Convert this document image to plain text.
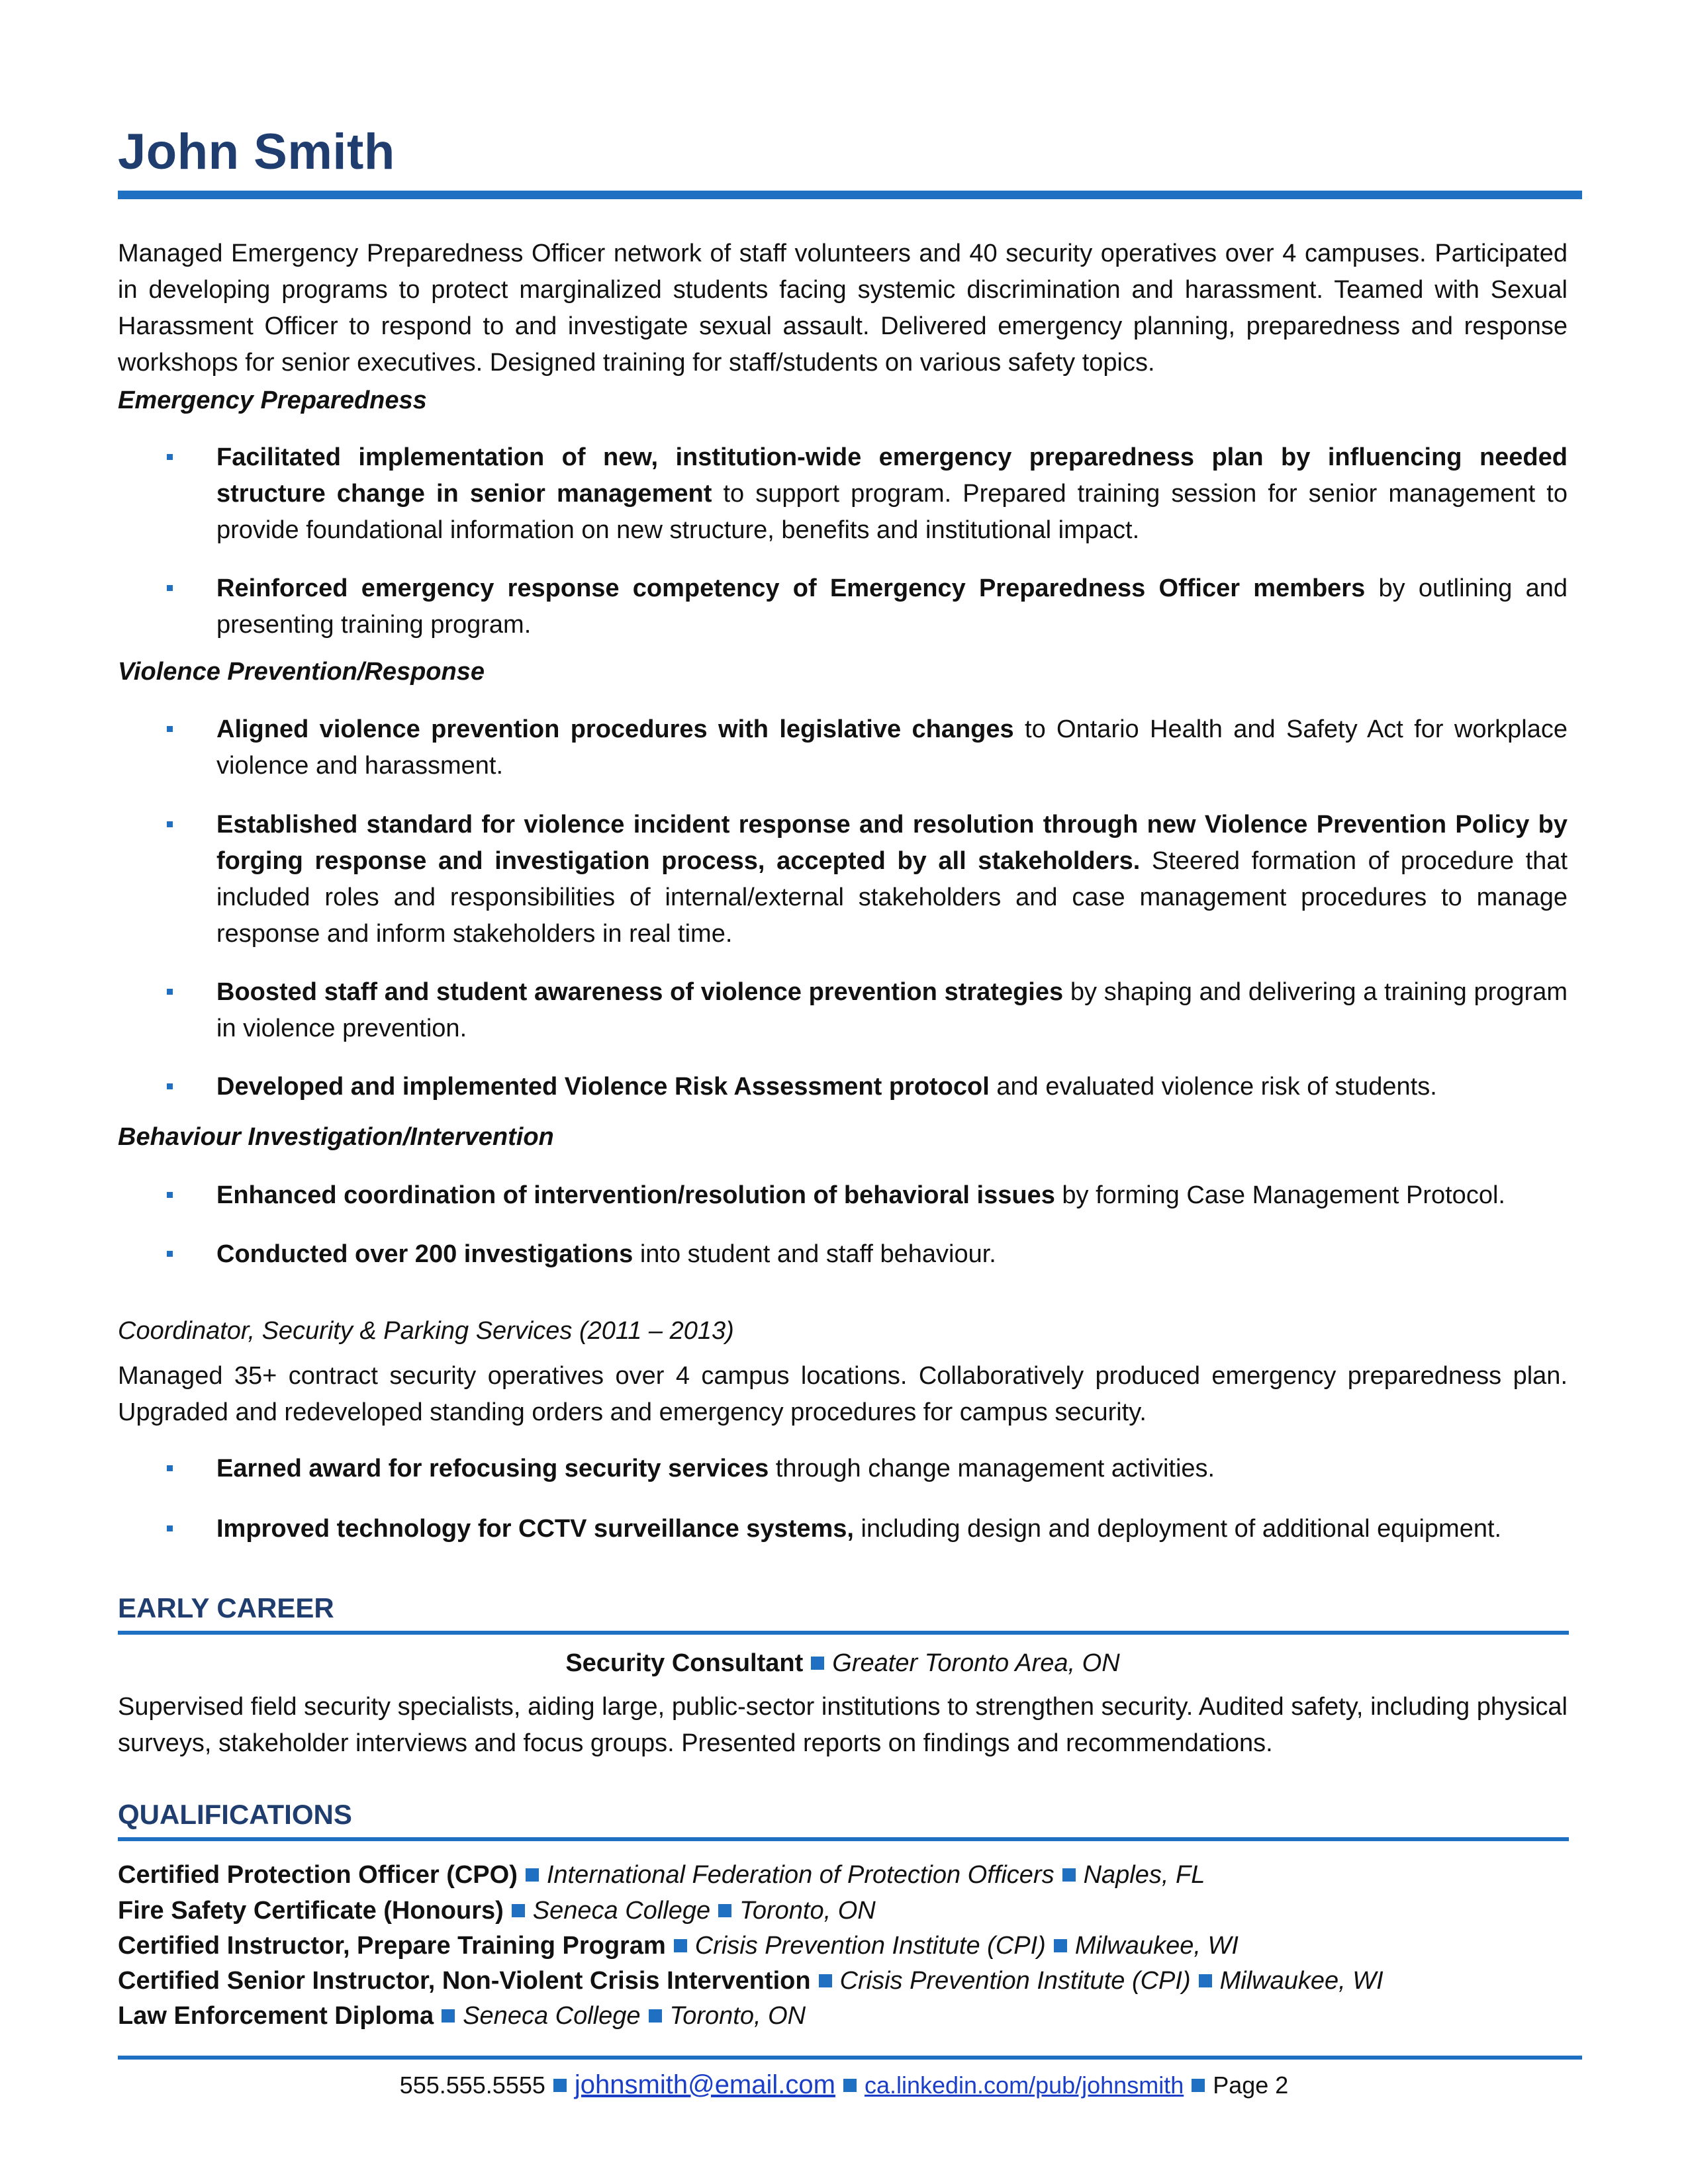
John Smith

Managed Emergency Preparedness Officer network of staff volunteers and 40 security operatives over 4 campuses. Participated in developing programs to protect marginalized students facing systemic discrimination and harassment. Teamed with Sexual Harassment Officer to respond to and investigate sexual assault. Delivered emergency planning, preparedness and response workshops for senior executives. Designed training for staff/students on various safety topics.

Emergency Preparedness

Facilitated implementation of new, institution-wide emergency preparedness plan by influencing needed structure change in senior management to support program. Prepared training session for senior management to provide foundational information on new structure, benefits and institutional impact.

Reinforced emergency response competency of Emergency Preparedness Officer members by outlining and presenting training program.

Violence Prevention/Response

Aligned violence prevention procedures with legislative changes to Ontario Health and Safety Act for workplace violence and harassment.

Established standard for violence incident response and resolution through new Violence Prevention Policy by forging response and investigation process, accepted by all stakeholders. Steered formation of procedure that included roles and responsibilities of internal/external stakeholders and case management procedures to manage response and inform stakeholders in real time.

Boosted staff and student awareness of violence prevention strategies by shaping and delivering a training program in violence prevention.

Developed and implemented Violence Risk Assessment protocol and evaluated violence risk of students.

Behaviour Investigation/Intervention

Enhanced coordination of intervention/resolution of behavioral issues by forming Case Management Protocol.

Conducted over 200 investigations into student and staff behaviour.

Coordinator, Security & Parking Services (2011 – 2013)

Managed 35+ contract security operatives over 4 campus locations. Collaboratively produced emergency preparedness plan. Upgraded and redeveloped standing orders and emergency procedures for campus security.

Earned award for refocusing security services through change management activities.

Improved technology for CCTV surveillance systems, including design and deployment of additional equipment.

EARLY CAREER

Security Consultant Greater Toronto Area, ON

Supervised field security specialists, aiding large, public-sector institutions to strengthen security. Audited safety, including physical surveys, stakeholder interviews and focus groups. Presented reports on findings and recommendations.

QUALIFICATIONS

Certified Protection Officer (CPO) International Federation of Protection Officers Naples, FL

Fire Safety Certificate (Honours) Seneca College Toronto, ON

Certified Instructor, Prepare Training Program Crisis Prevention Institute (CPI) Milwaukee, WI

Certified Senior Instructor, Non-Violent Crisis Intervention Crisis Prevention Institute (CPI) Milwaukee, WI

Law Enforcement Diploma Seneca College Toronto, ON

555.555.5555 johnsmith@email.com ca.linkedin.com/pub/johnsmith Page 2
